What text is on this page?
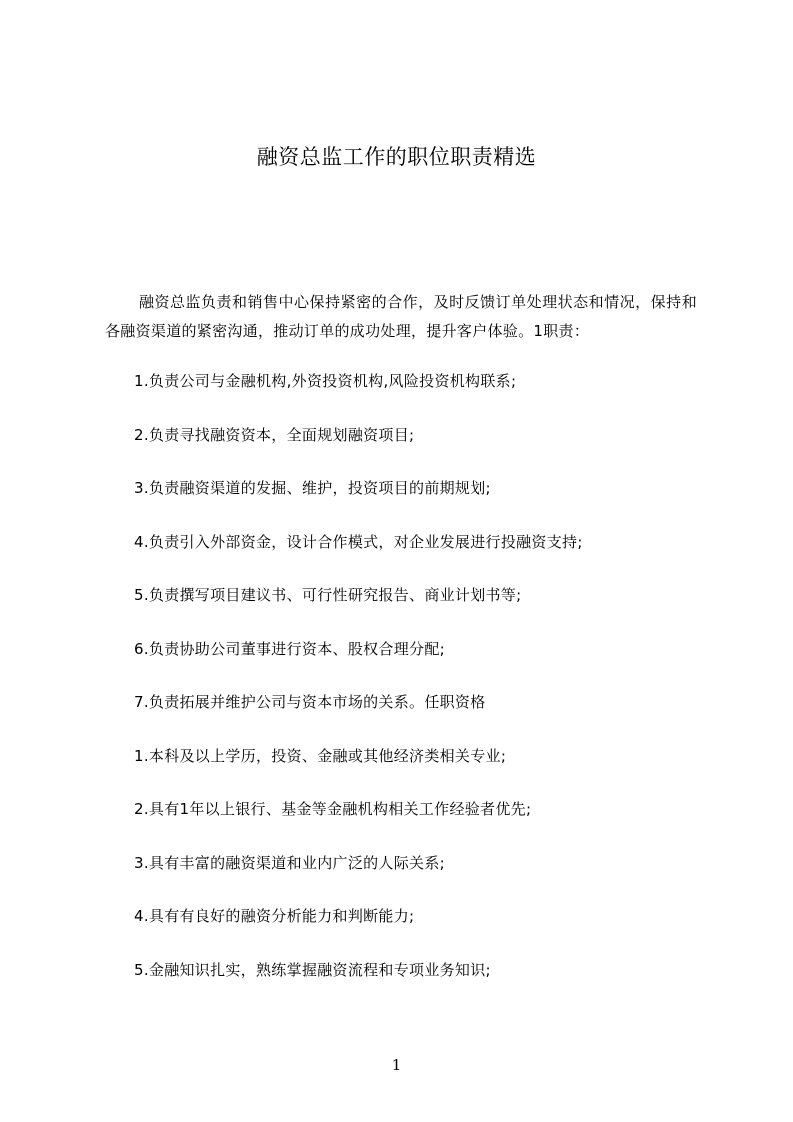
融资总监工作的职位职责精选

融资总监负责和销售中心保持紧密的合作，及时反馈订单处理状态和情况，保持和各融资渠道的紧密沟通，推动订单的成功处理，提升客户体验。1职责：

1.负责公司与金融机构,外资投资机构,风险投资机构联系;
2.负责寻找融资资本，全面规划融资项目;
3.负责融资渠道的发掘、维护，投资项目的前期规划;
4.负责引入外部资金，设计合作模式，对企业发展进行投融资支持;
5.负责撰写项目建议书、可行性研究报告、商业计划书等;
6.负责协助公司董事进行资本、股权合理分配;
7.负责拓展并维护公司与资本市场的关系。任职资格
1.本科及以上学历，投资、金融或其他经济类相关专业;
2.具有1年以上银行、基金等金融机构相关工作经验者优先;
3.具有丰富的融资渠道和业内广泛的人际关系;
4.具有有良好的融资分析能力和判断能力;
5.金融知识扎实，熟练掌握融资流程和专项业务知识;
1
